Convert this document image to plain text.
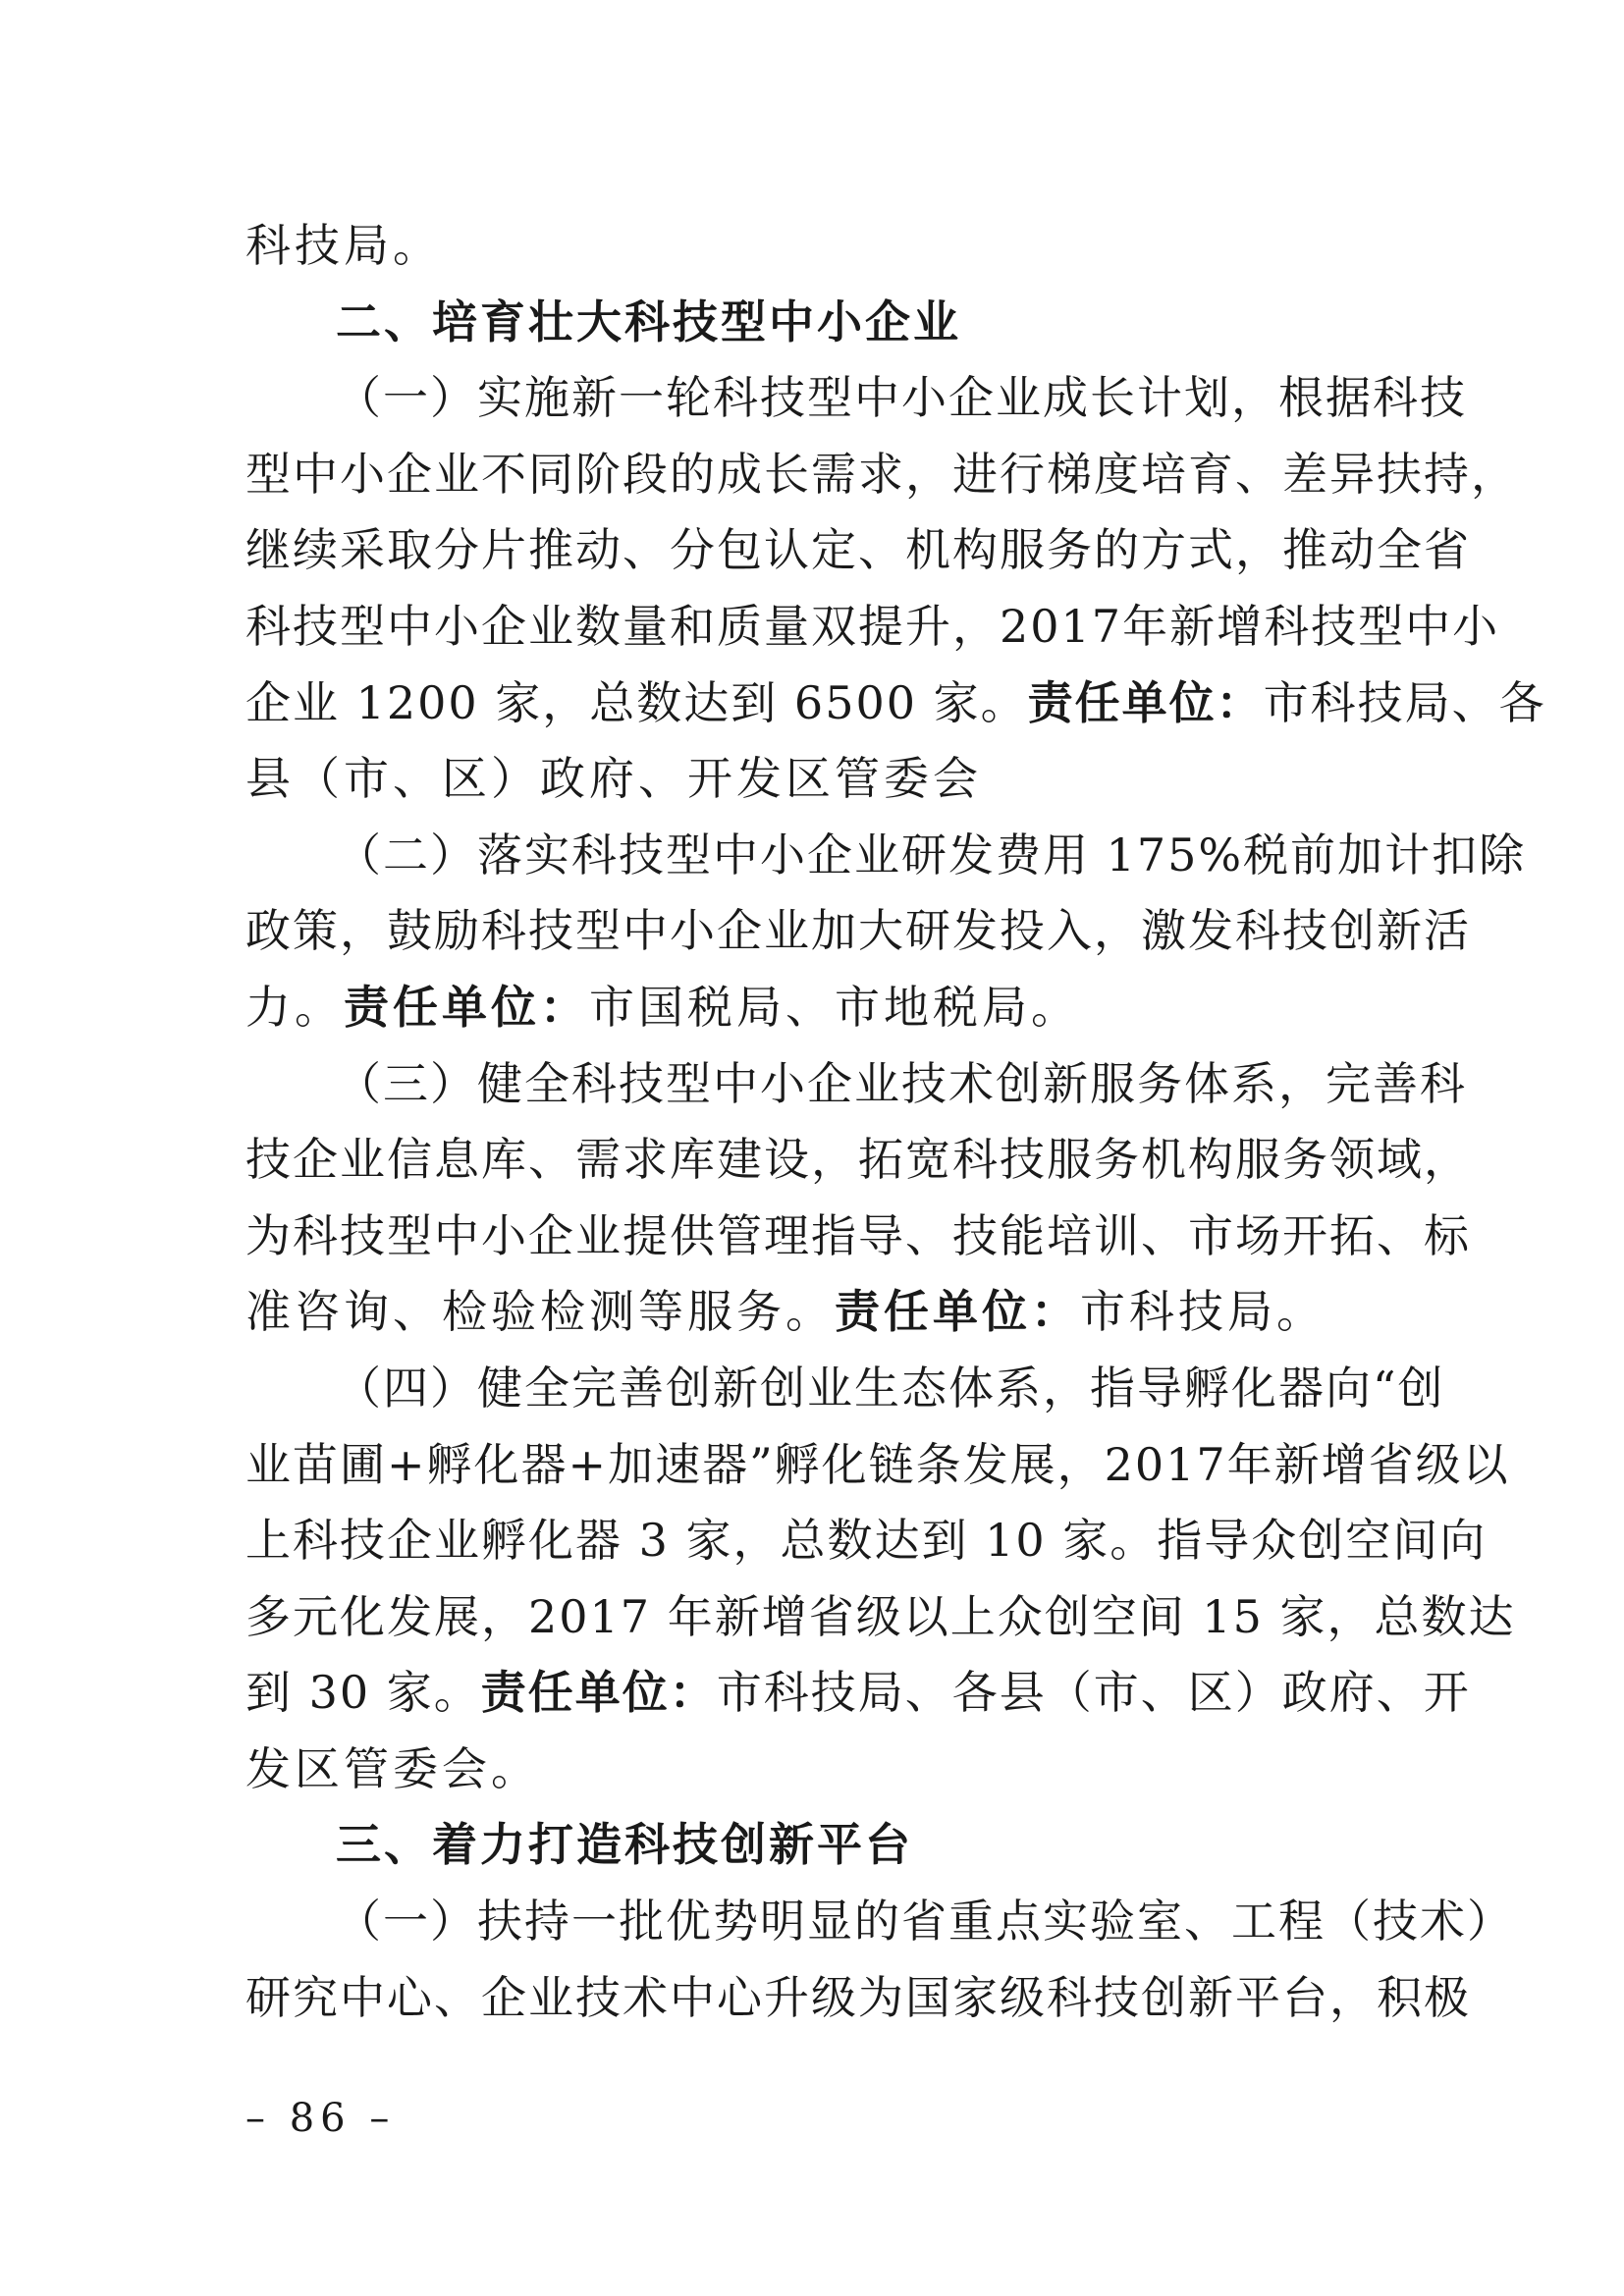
科技局。
二、培育壮大科技型中小企业
（一）实施新一轮科技型中小企业成长计划，根据科技
型中小企业不同阶段的成长需求，进行梯度培育、差异扶持，
继续采取分片推动、分包认定、机构服务的方式，推动全省
科技型中小企业数量和质量双提升，2017年新增科技型中小
企业 1200 家，总数达到 6500 家。责任单位：市科技局、各
县（市、区）政府、开发区管委会
（二）落实科技型中小企业研发费用 175%税前加计扣除
政策，鼓励科技型中小企业加大研发投入，激发科技创新活
力。责任单位：市国税局、市地税局。
（三）健全科技型中小企业技术创新服务体系，完善科
技企业信息库、需求库建设，拓宽科技服务机构服务领域，
为科技型中小企业提供管理指导、技能培训、市场开拓、标
准咨询、检验检测等服务。责任单位：市科技局。
（四）健全完善创新创业生态体系，指导孵化器向“创
业苗圃+孵化器+加速器”孵化链条发展，2017年新增省级以
上科技企业孵化器 3 家，总数达到 10 家。指导众创空间向
多元化发展，2017 年新增省级以上众创空间 15 家，总数达
到 30 家。责任单位：市科技局、各县（市、区）政府、开
发区管委会。
三、着力打造科技创新平台
（一）扶持一批优势明显的省重点实验室、工程（技术）
研究中心、企业技术中心升级为国家级科技创新平台，积极
– 86 –
